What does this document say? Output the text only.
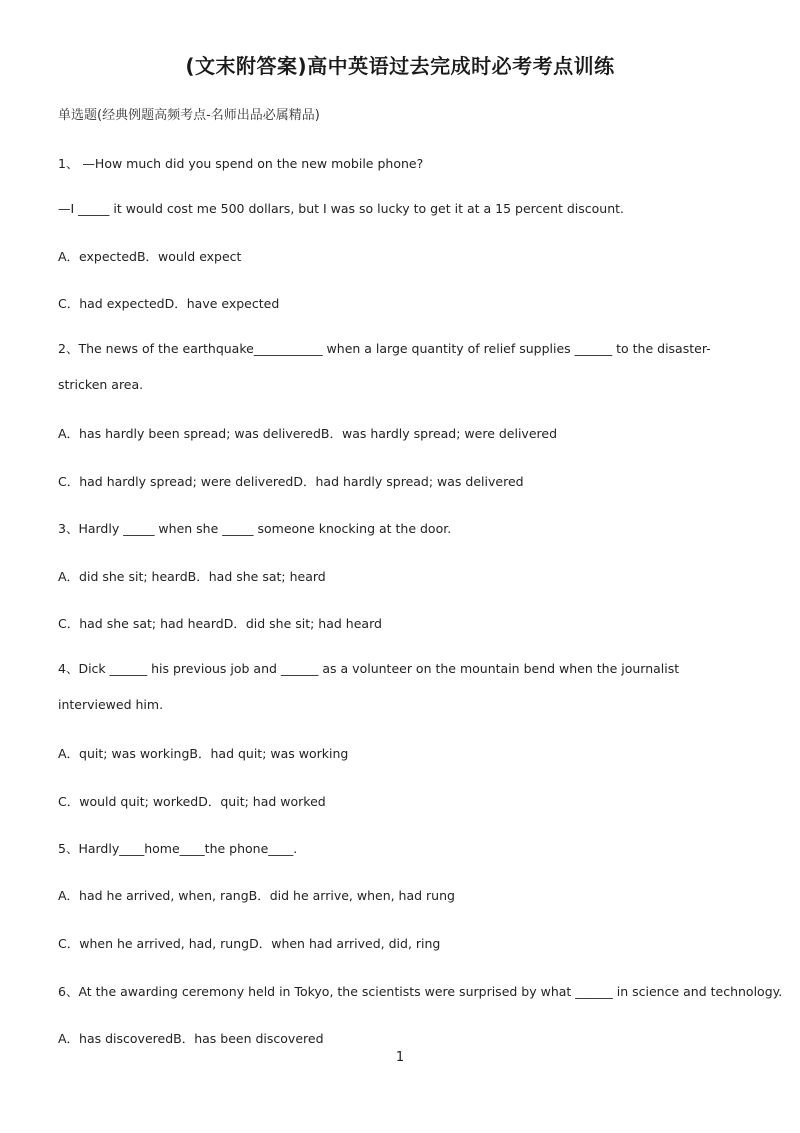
(文末附答案)高中英语过去完成时必考考点训练
单选题(经典例题高频考点-名师出品必属精品)
1、 —How much did you spend on the new mobile phone?
—I _____ it would cost me 500 dollars, but I was so lucky to get it at a 15 percent discount.
A．expectedB．would expect
C．had expectedD．have expected
2、The news of the earthquake___________ when a large quantity of relief supplies ______ to the disaster-stricken area.
A．has hardly been spread; was deliveredB．was hardly spread; were delivered
C．had hardly spread; were deliveredD．had hardly spread; was delivered
3、Hardly _____ when she _____ someone knocking at the door.
A．did she sit; heardB．had she sat; heard
C．had she sat; had heardD．did she sit; had heard
4、Dick ______ his previous job and ______ as a volunteer on the mountain bend when the journalist interviewed him.
A．quit; was workingB．had quit; was working
C．would quit; workedD．quit; had worked
5、Hardly____home____the phone____.
A．had he arrived, when, rangB．did he arrive, when, had rung
C．when he arrived, had, rungD．when had arrived, did, ring
6、At the awarding ceremony held in Tokyo, the scientists were surprised by what ______ in science and technology.
A．has discoveredB．has been discovered
1
